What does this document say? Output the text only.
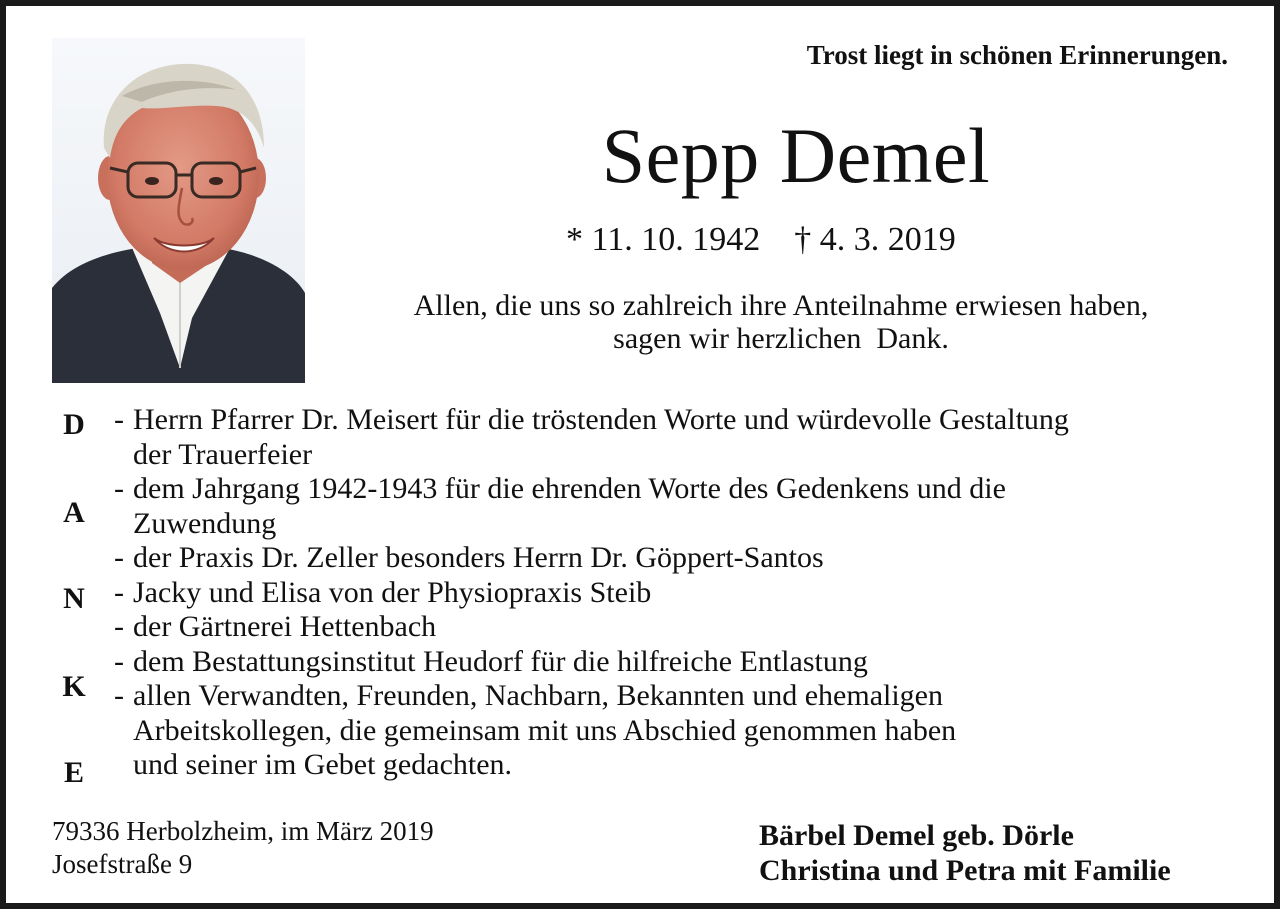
Trost liegt in schönen Erinnerungen.
Sepp Demel
* 11. 10. 1942 † 4. 3. 2019
Allen, die uns so zahlreich ihre Anteilnahme erwiesen haben,
sagen wir herzlichen  Dank.
D
A
N
K
E
- Herrn Pfarrer Dr. Meisert für die tröstenden Worte und würdevolle Gestaltung
der Trauerfeier
- dem Jahrgang 1942-1943 für die ehrenden Worte des Gedenkens und die
Zuwendung
- der Praxis Dr. Zeller besonders Herrn Dr. Göppert-Santos
- Jacky und Elisa von der Physiopraxis Steib
- der Gärtnerei Hettenbach
- dem Bestattungsinstitut Heudorf für die hilfreiche Entlastung
- allen Verwandten, Freunden, Nachbarn, Bekannten und ehemaligen
Arbeitskollegen, die gemeinsam mit uns Abschied genommen haben
und seiner im Gebet gedachten.
79336 Herbolzheim, im März 2019
Josefstraße 9
Bärbel Demel geb. Dörle
Christina und Petra mit Familie
